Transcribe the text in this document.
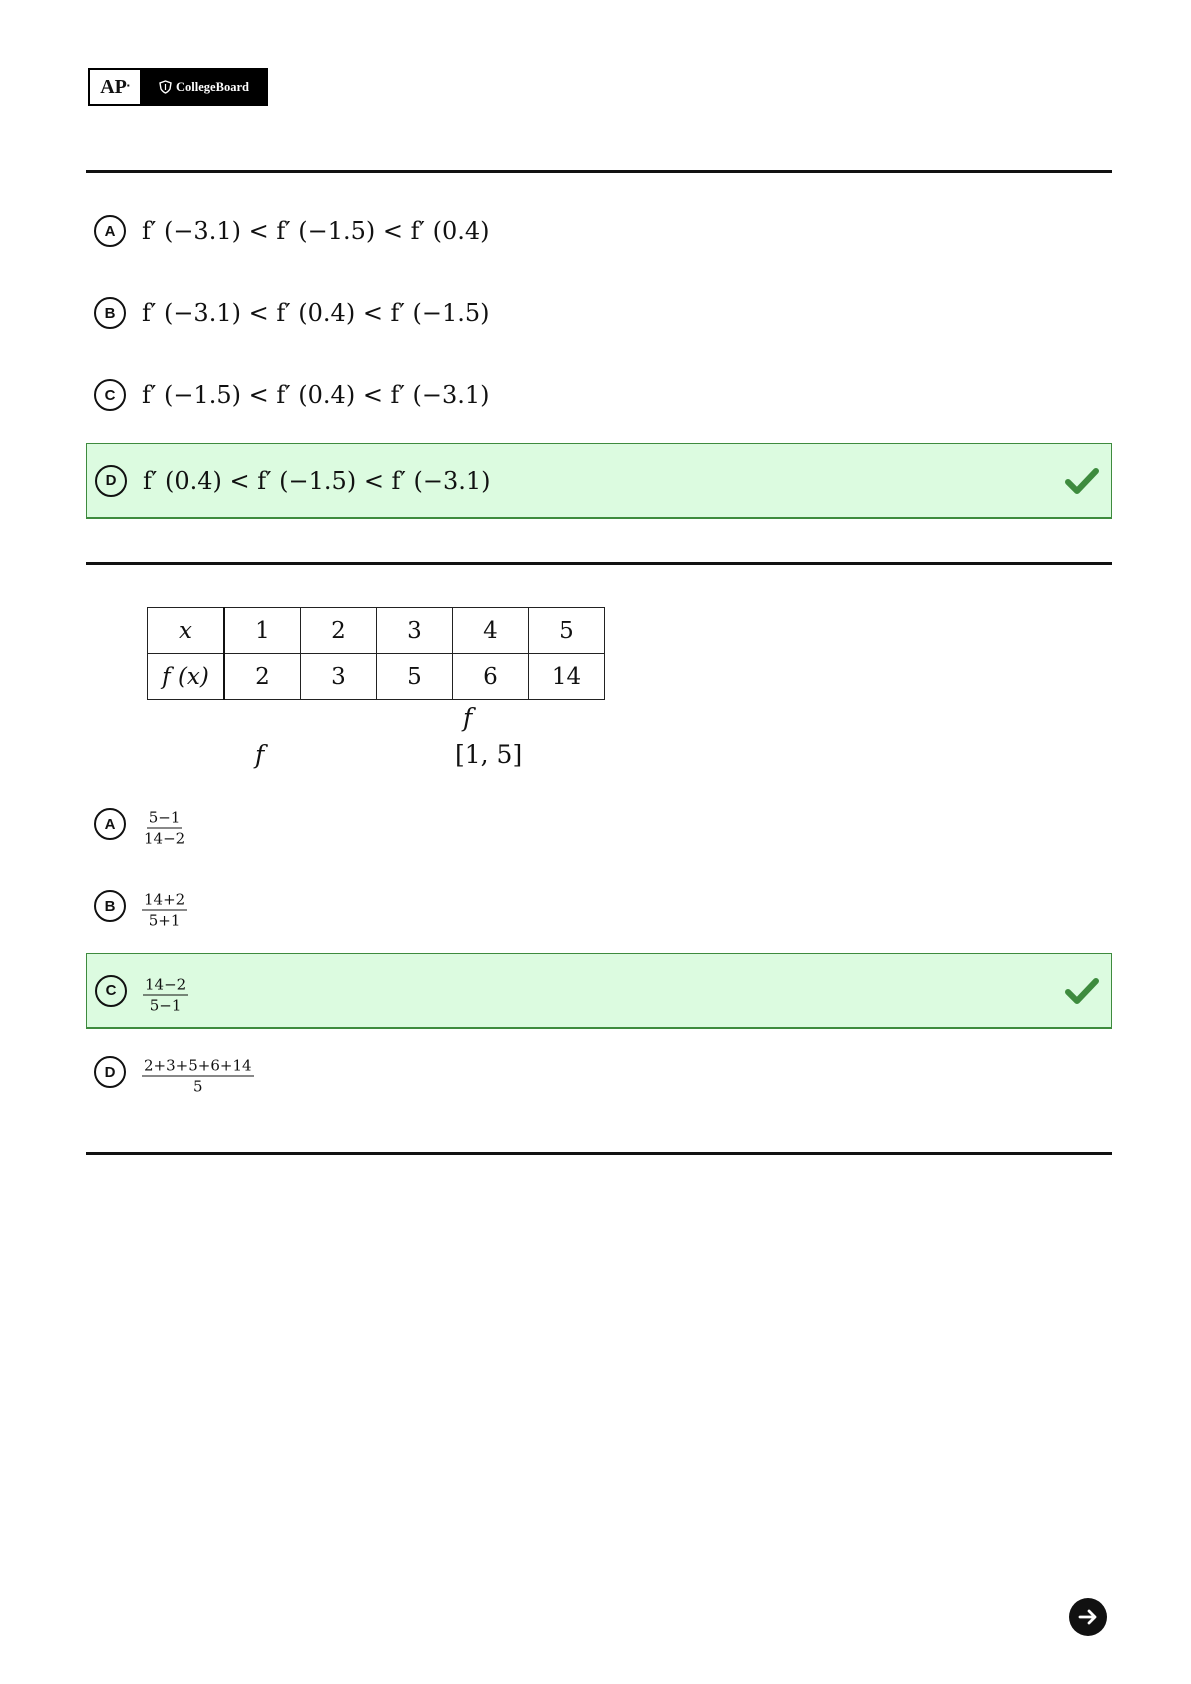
AP▪	CollegeBoard
A	f′ (−3.1) < f′ (−1.5) < f′ (0.4)
B	f′ (−3.1) < f′ (0.4) < f′ (−1.5)
C	f′ (−1.5) < f′ (0.4) < f′ (−3.1)
D	f′ (0.4) < f′ (−1.5) < f′ (−3.1)
x	1	2	3	4	5
f (x)	2	3	5	6	14
f
f	[1, 5]
A	$\frac{5-1}{14-2}$
B	$\frac{14+2}{5+1}$
C	$\frac{14-2}{5-1}$
D	$\frac{2+3+5+6+14}{5}$
